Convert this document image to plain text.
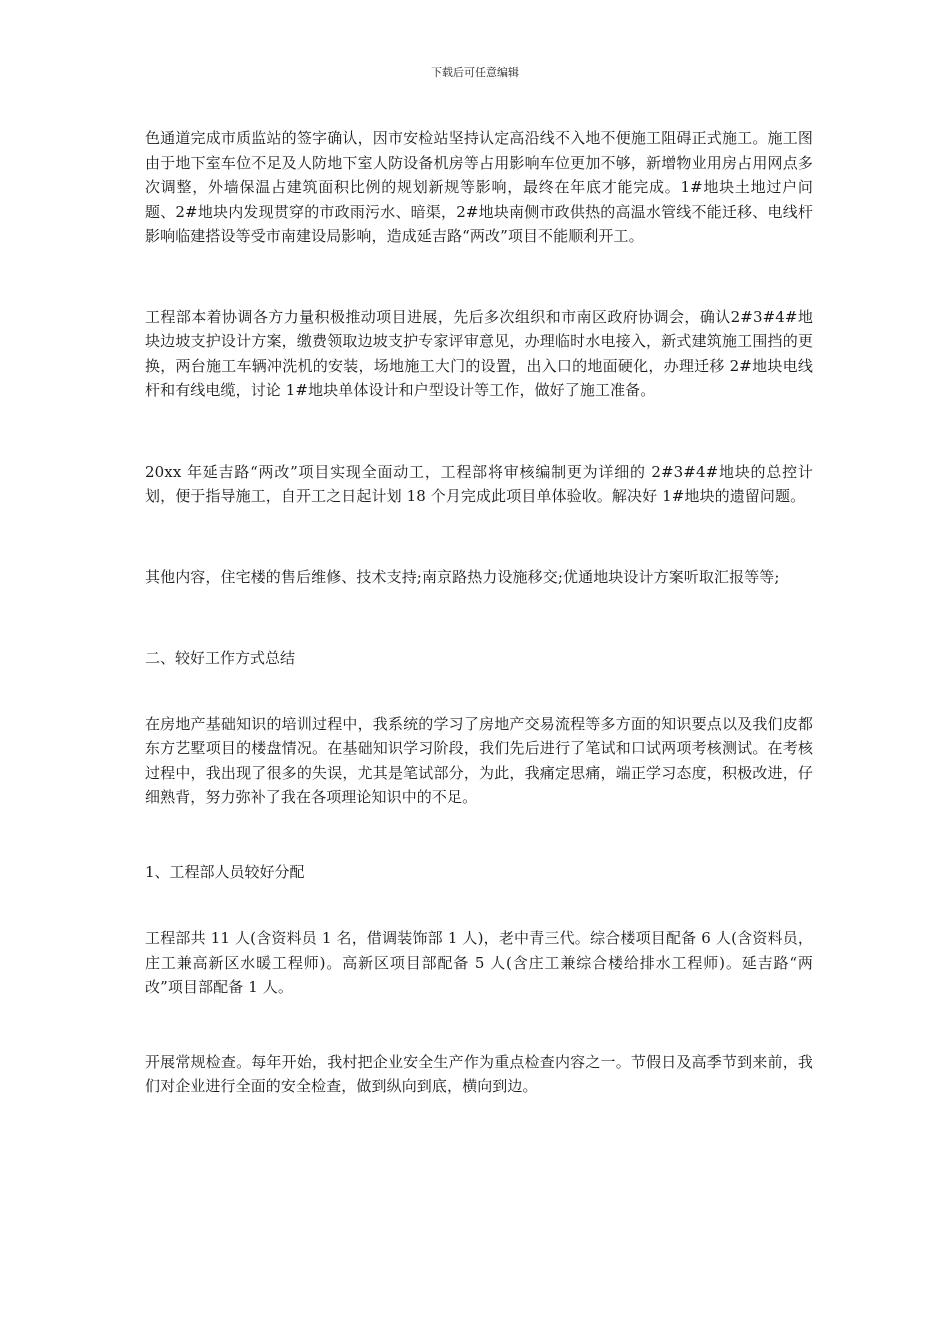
下载后可任意编辑

色通道完成市质监站的签字确认，因市安检站坚持认定高沿线不入地不便施工阻碍正式施工。施工图由于地下室车位不足及人防地下室人防设备机房等占用影响车位更加不够，新增物业用房占用网点多次调整，外墙保温占建筑面积比例的规划新规等影响，最终在年底才能完成。1#地块土地过户问题、2#地块内发现贯穿的市政雨污水、暗渠，2#地块南侧市政供热的高温水管线不能迁移、电线杆影响临建搭设等受市南建设局影响，造成延吉路“两改”项目不能顺利开工。

工程部本着协调各方力量积极推动项目进展，先后多次组织和市南区政府协调会，确认2#3#4#地块边坡支护设计方案，缴费领取边坡支护专家评审意见，办理临时水电接入，新式建筑施工围挡的更换，两台施工车辆冲洗机的安装，场地施工大门的设置，出入口的地面硬化，办理迁移 2#地块电线杆和有线电缆，讨论 1#地块单体设计和户型设计等工作，做好了施工准备。

20xx 年延吉路“两改”项目实现全面动工，工程部将审核编制更为详细的 2#3#4#地块的总控计划，便于指导施工，自开工之日起计划 18 个月完成此项目单体验收。解决好 1#地块的遗留问题。

其他内容，住宅楼的售后维修、技术支持;南京路热力设施移交;优通地块设计方案听取汇报等等;

二、较好工作方式总结

在房地产基础知识的培训过程中，我系统的学习了房地产交易流程等多方面的知识要点以及我们皮都东方艺墅项目的楼盘情况。在基础知识学习阶段，我们先后进行了笔试和口试两项考核测试。在考核过程中，我出现了很多的失误，尤其是笔试部分，为此，我痛定思痛，端正学习态度，积极改进，仔细熟背，努力弥补了我在各项理论知识中的不足。

1、工程部人员较好分配

工程部共 11 人(含资料员 1 名，借调装饰部 1 人)，老中青三代。综合楼项目配备 6 人(含资料员，庄工兼高新区水暖工程师)。高新区项目部配备 5 人(含庄工兼综合楼给排水工程师)。延吉路“两改”项目部配备 1 人。

开展常规检查。每年开始，我村把企业安全生产作为重点检查内容之一。节假日及高季节到来前，我们对企业进行全面的安全检查，做到纵向到底，横向到边。
